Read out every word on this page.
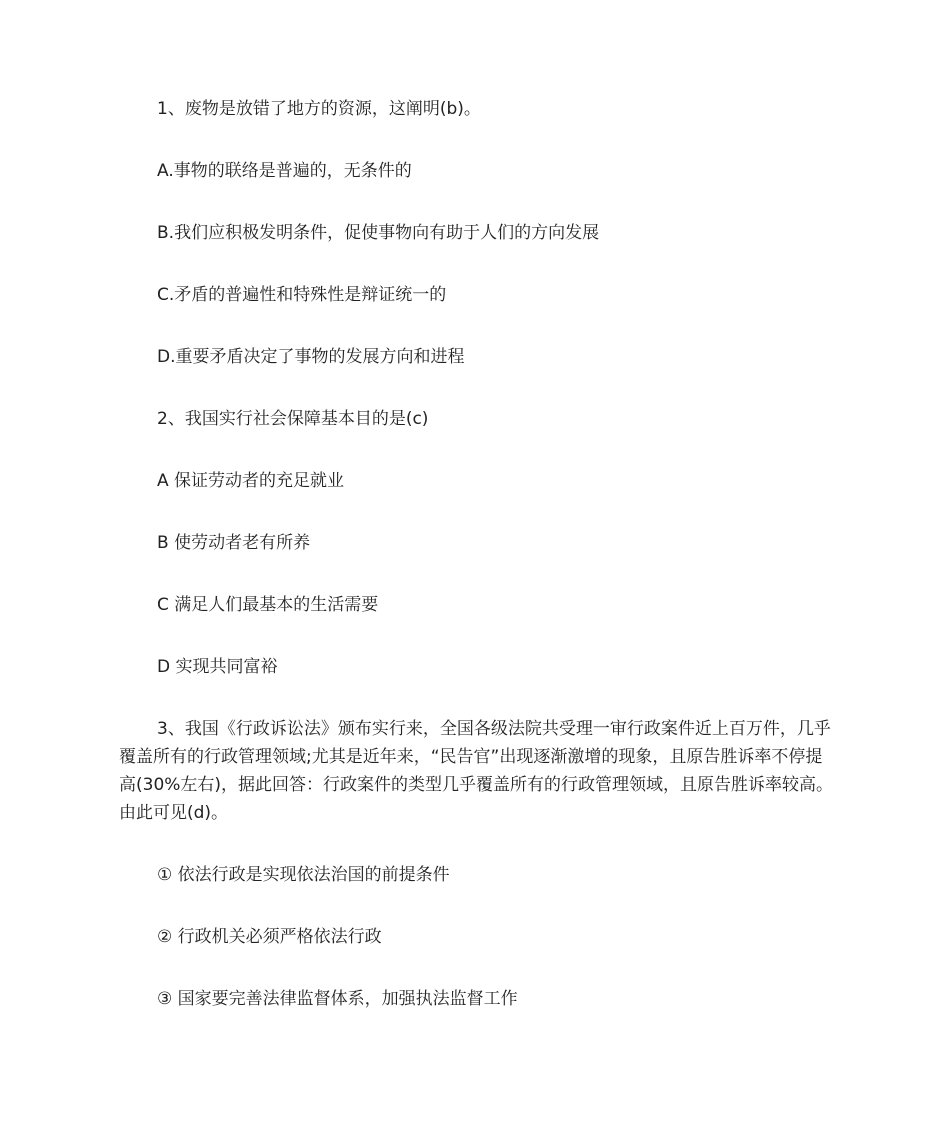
1、废物是放错了地方的资源，这阐明(b)。

A.事物的联络是普遍的，无条件的

B.我们应积极发明条件，促使事物向有助于人们的方向发展

C.矛盾的普遍性和特殊性是辩证统一的

D.重要矛盾决定了事物的发展方向和进程

2、我国实行社会保障基本目的是(c)

A 保证劳动者的充足就业

B 使劳动者老有所养

C 满足人们最基本的生活需要

D 实现共同富裕

3、我国《行政诉讼法》颁布实行来，全国各级法院共受理一审行政案件近上百万件，几乎覆盖所有的行政管理领域;尤其是近年来，“民告官”出现逐渐激增的现象，且原告胜诉率不停提高(30%左右)，据此回答：行政案件的类型几乎覆盖所有的行政管理领域，且原告胜诉率较高。由此可见(d)。

① 依法行政是实现依法治国的前提条件

② 行政机关必须严格依法行政

③ 国家要完善法律监督体系，加强执法监督工作
